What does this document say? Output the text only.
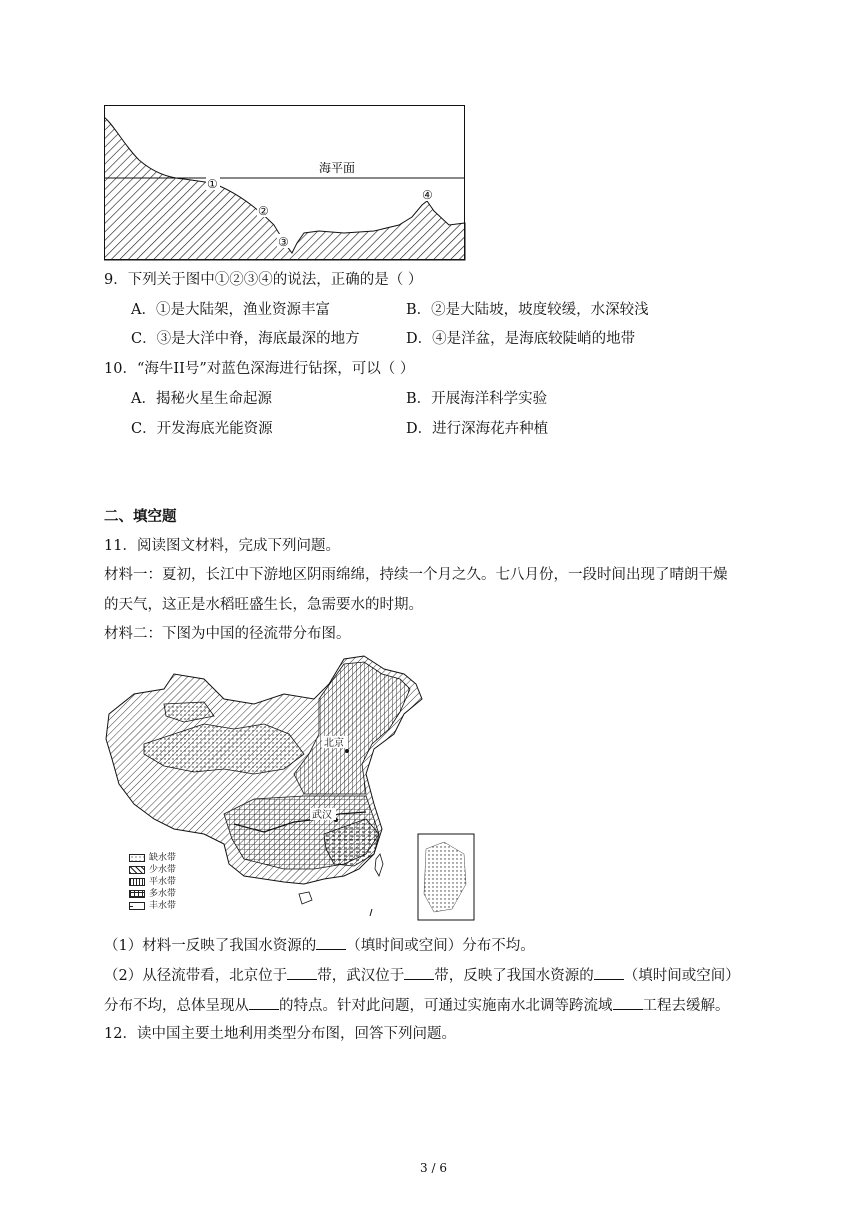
海平面
①
②
③
④
9．下列关于图中①②③④的说法，正确的是（ ）
A．①是大陆架，渔业资源丰富	B．②是大陆坡，坡度较缓，水深较浅
C．③是大洋中脊，海底最深的地方	D．④是洋盆，是海底较陡峭的地带
10．“海牛II号”对蓝色深海进行钻探，可以（ ）
A．揭秘火星生命起源	B．开展海洋科学实验
C．开发海底光能资源	D．进行深海花卉种植
二、填空题
11．阅读图文材料，完成下列问题。
材料一：夏初，长江中下游地区阴雨绵绵，持续一个月之久。七八月份，一段时间出现了晴朗干燥
的天气，这正是水稻旺盛生长，急需要水的时期。
材料二：下图为中国的径流带分布图。
北京
武汉
缺水带
少水带
平水带
多水带
丰水带
（1）材料一反映了我国水资源的 （填时间或空间）分布不均。
（2）从径流带看，北京位于 带，武汉位于 带，反映了我国水资源的 （填时间或空间）
分布不均，总体呈现从 的特点。针对此问题，可通过实施南水北调等跨流域 工程去缓解。
12．读中国主要土地利用类型分布图，回答下列问题。
3 / 6
